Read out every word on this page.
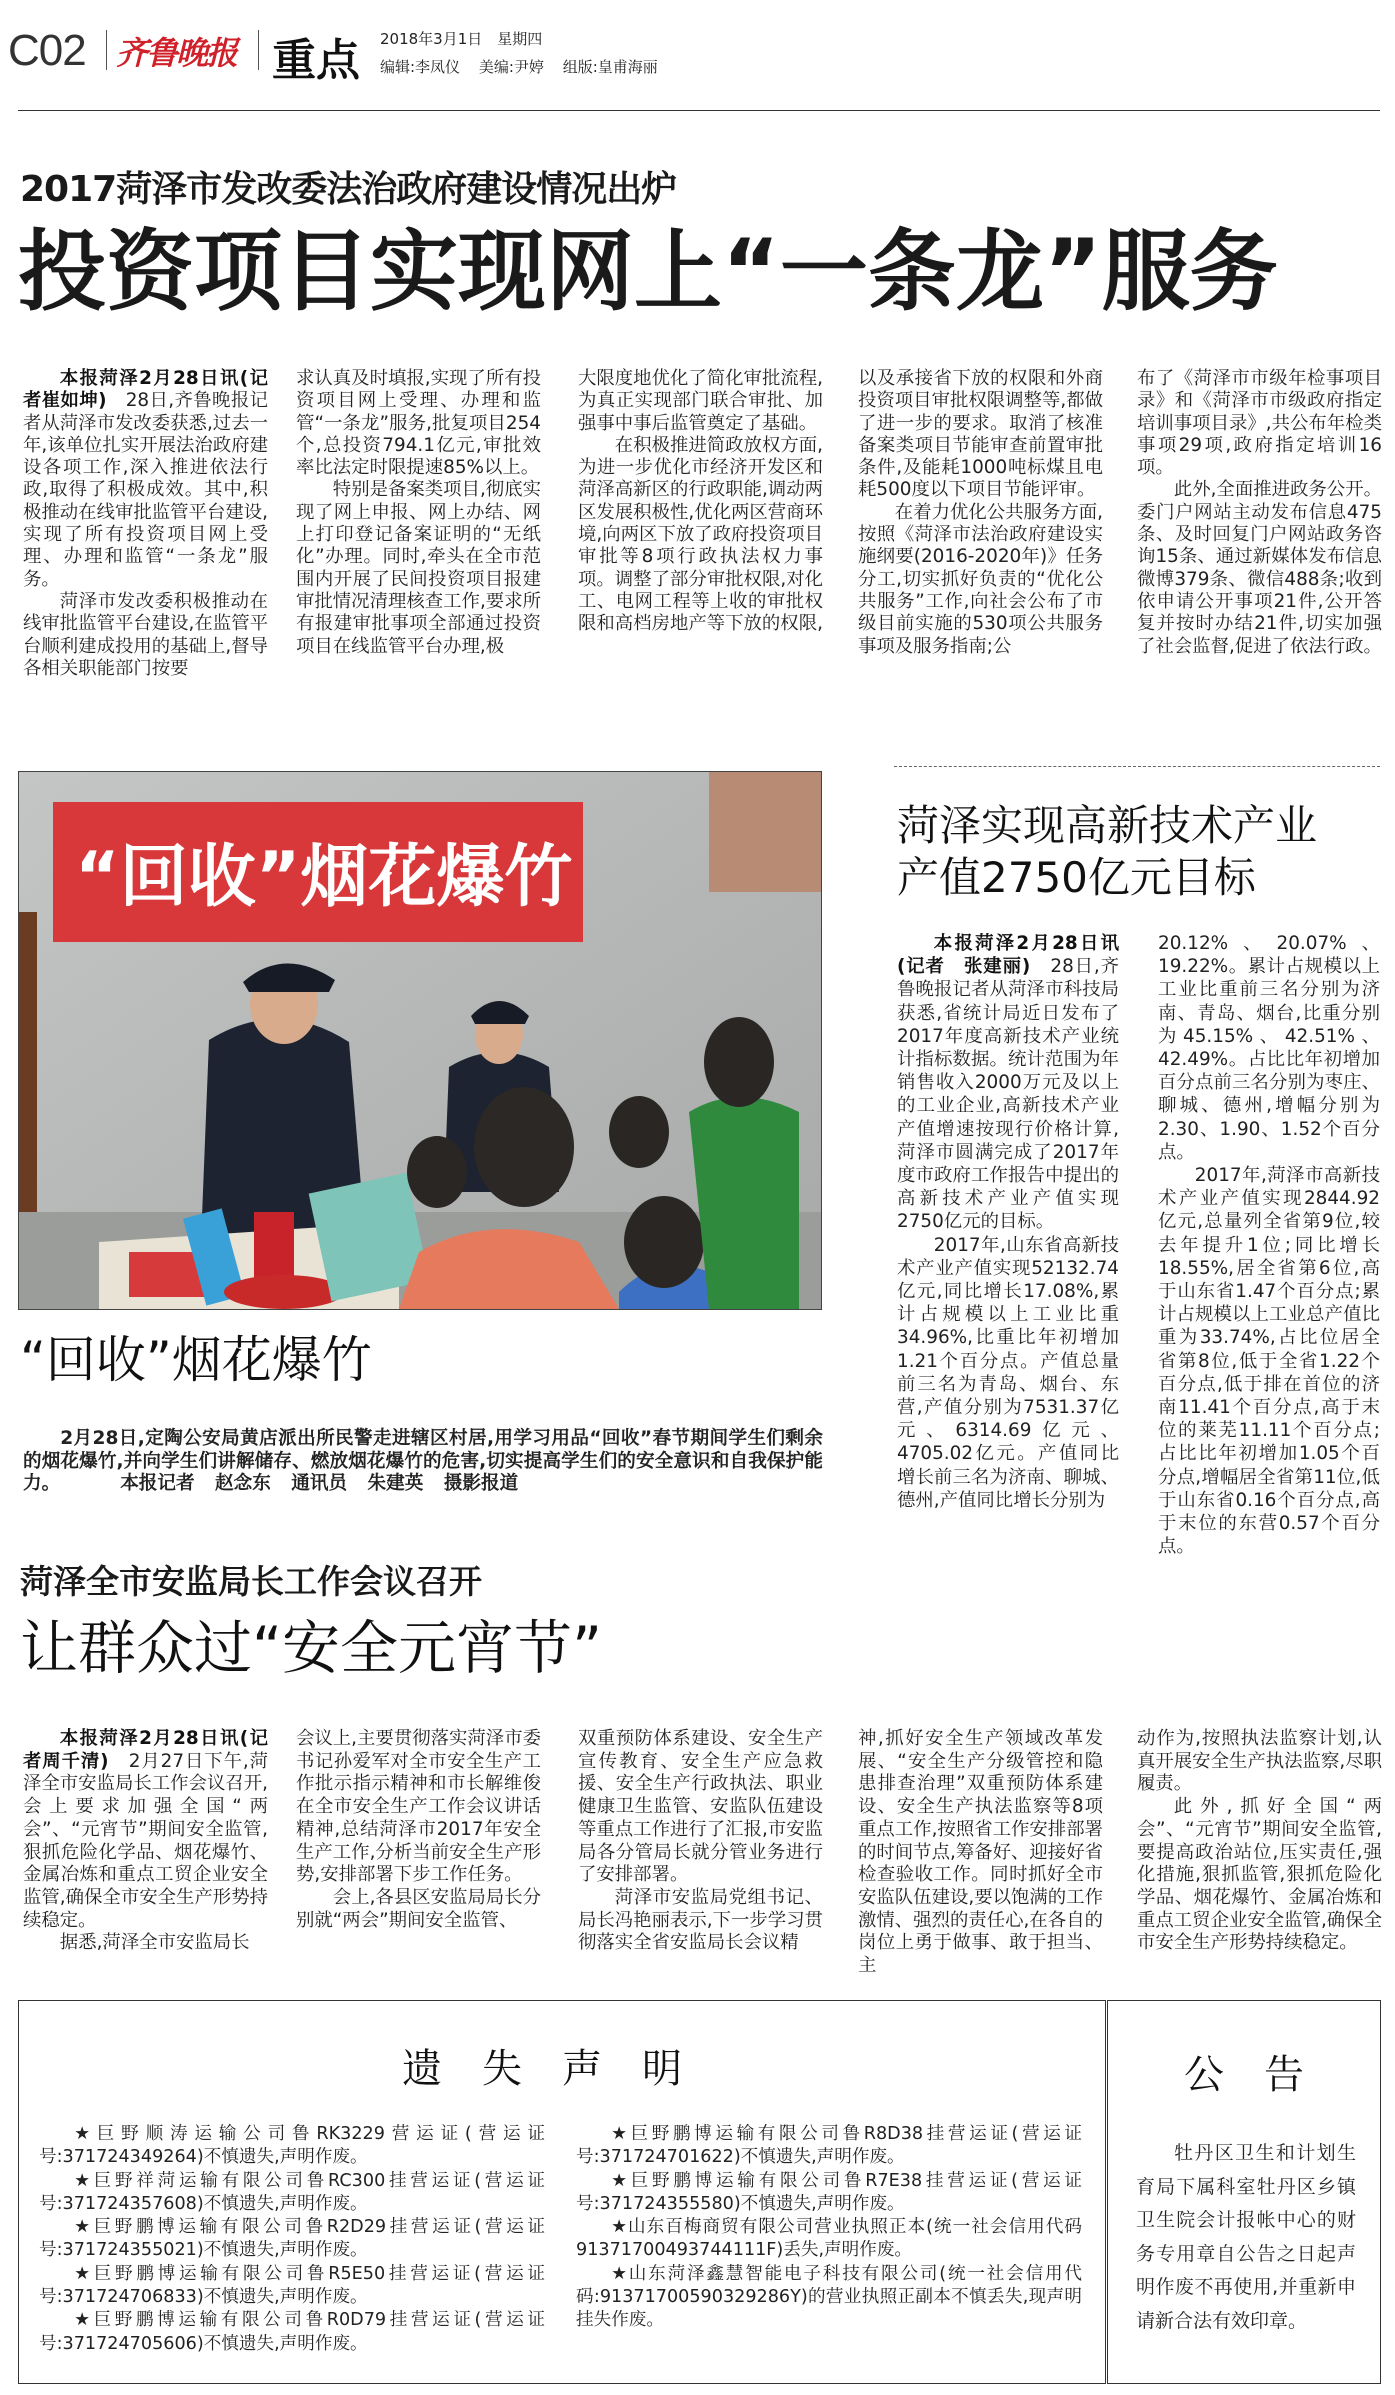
C02 齐鲁晚报 重点 2018年3月1日　星期四
编辑:李凤仪 美编:尹婷 组版:皇甫海丽
2017菏泽市发改委法治政府建设情况出炉
投资项目实现网上“一条龙”服务

本报菏泽2月28日讯(记者崔如坤)　28日,齐鲁晚报记者从菏泽市发改委获悉,过去一年,该单位扎实开展法治政府建设各项工作,深入推进依法行政,取得了积极成效。其中,积极推动在线审批监管平台建设,实现了所有投资项目网上受理、办理和监管“一条龙”服务。

菏泽市发改委积极推动在线审批监管平台建设,在监管平台顺利建成投用的基础上,督导各相关职能部门按要

求认真及时填报,实现了所有投资项目网上受理、办理和监管“一条龙”服务,批复项目254个,总投资794.1亿元,审批效率比法定时限提速85%以上。

特别是备案类项目,彻底实现了网上申报、网上办结、网上打印登记备案证明的“无纸化”办理。同时,牵头在全市范围内开展了民间投资项目报建审批情况清理核查工作,要求所有报建审批事项全部通过投资项目在线监管平台办理,极

大限度地优化了简化审批流程,为真正实现部门联合审批、加强事中事后监管奠定了基础。

在积极推进简政放权方面,为进一步优化市经济开发区和菏泽高新区的行政职能,调动两区发展积极性,优化两区营商环境,向两区下放了政府投资项目审批等8项行政执法权力事项。调整了部分审批权限,对化工、电网工程等上收的审批权限和高档房地产等下放的权限,

以及承接省下放的权限和外商投资项目审批权限调整等,都做了进一步的要求。取消了核准备案类项目节能审查前置审批条件,及能耗1000吨标煤且电耗500度以下项目节能评审。

在着力优化公共服务方面,按照《菏泽市法治政府建设实施纲要(2016-2020年)》任务分工,切实抓好负责的“优化公共服务”工作,向社会公布了市级目前实施的530项公共服务事项及服务指南;公

布了《菏泽市市级年检事项目录》和《菏泽市市级政府指定培训事项目录》,共公布年检类事项29项,政府指定培训16项。

此外,全面推进政务公开。委门户网站主动发布信息475条、及时回复门户网站政务咨询15条、通过新媒体发布信息微博379条、微信488条;收到依申请公开事项21件,公开答复并按时办结21件,切实加强了社会监督,促进了依法行政。

“回收”烟花爆竹
菏泽实现高新技术产业
产值2750亿元目标

本报菏泽2月28日讯(记者　张建丽)　28日,齐鲁晚报记者从菏泽市科技局获悉,省统计局近日发布了2017年度高新技术产业统计指标数据。统计范围为年销售收入2000万元及以上的工业企业,高新技术产业产值增速按现行价格计算,菏泽市圆满完成了2017年度市政府工作报告中提出的高新技术产业产值实现2750亿元的目标。

2017年,山东省高新技术产业产值实现52132.74亿元,同比增长17.08%,累计占规模以上工业比重34.96%,比重比年初增加1.21个百分点。产值总量前三名为青岛、烟台、东营,产值分别为7531.37亿元、6314.69亿元、4705.02亿元。产值同比增长前三名为济南、聊城、德州,产值同比增长分别为

20.12%、20.07%、19.22%。累计占规模以上工业比重前三名分别为济南、青岛、烟台,比重分别为45.15%、42.51%、42.49%。占比比年初增加百分点前三名分别为枣庄、聊城、德州,增幅分别为2.30、1.90、1.52个百分点。

2017年,菏泽市高新技术产业产值实现2844.92亿元,总量列全省第9位,较去年提升1位;同比增长18.55%,居全省第6位,高于山东省1.47个百分点;累计占规模以上工业总产值比重为33.74%,占比位居全省第8位,低于全省1.22个百分点,低于排在首位的济南11.41个百分点,高于末位的莱芜11.11个百分点;占比比年初增加1.05个百分点,增幅居全省第11位,低于山东省0.16个百分点,高于末位的东营0.57个百分点。

“回收”烟花爆竹
2月28日,定陶公安局黄店派出所民警走进辖区村居,用学习用品“回收”春节期间学生们剩余的烟花爆竹,并向学生们讲解储存、燃放烟花爆竹的危害,切实提高学生们的安全意识和自我保护能力。	本报记者 赵念东 通讯员 朱建英 摄影报道
菏泽全市安监局长工作会议召开
让群众过“安全元宵节”

本报菏泽2月28日讯(记者周千清)　2月27日下午,菏泽全市安监局长工作会议召开,会上要求加强全国“两会”、“元宵节”期间安全监管,狠抓危险化学品、烟花爆竹、金属冶炼和重点工贸企业安全监管,确保全市安全生产形势持续稳定。

据悉,菏泽全市安监局长

会议上,主要贯彻落实菏泽市委书记孙爱军对全市安全生产工作批示指示精神和市长解维俊在全市安全生产工作会议讲话精神,总结菏泽市2017年安全生产工作,分析当前安全生产形势,安排部署下步工作任务。

会上,各县区安监局局长分别就“两会”期间安全监管、

双重预防体系建设、安全生产宣传教育、安全生产应急救援、安全生产行政执法、职业健康卫生监管、安监队伍建设等重点工作进行了汇报,市安监局各分管局长就分管业务进行了安排部署。

菏泽市安监局党组书记、局长冯艳丽表示,下一步学习贯彻落实全省安监局长会议精

神,抓好安全生产领域改革发展、“安全生产分级管控和隐患排查治理”双重预防体系建设、安全生产执法监察等8项重点工作,按照省工作安排部署的时间节点,筹备好、迎接好省检查验收工作。同时抓好全市安监队伍建设,要以饱满的工作激情、强烈的责任心,在各自的岗位上勇于做事、敢于担当、主

动作为,按照执法监察计划,认真开展安全生产执法监察,尽职履责。

此外,抓好全国“两会”、“元宵节”期间安全监管,要提高政治站位,压实责任,强化措施,狠抓监管,狠抓危险化学品、烟花爆竹、金属冶炼和重点工贸企业安全监管,确保全市安全生产形势持续稳定。

遗失声明

★巨野顺涛运输公司鲁RK3229营运证(营运证号:371724349264)不慎遗失,声明作废。

★巨野祥菏运输有限公司鲁RC300挂营运证(营运证号:371724357608)不慎遗失,声明作废。

★巨野鹏博运输有限公司鲁R2D29挂营运证(营运证号:371724355021)不慎遗失,声明作废。

★巨野鹏博运输有限公司鲁R5E50挂营运证(营运证号:371724706833)不慎遗失,声明作废。

★巨野鹏博运输有限公司鲁R0D79挂营运证(营运证号:371724705606)不慎遗失,声明作废。

★巨野鹏博运输有限公司鲁R8D38挂营运证(营运证号:371724701622)不慎遗失,声明作废。

★巨野鹏博运输有限公司鲁R7E38挂营运证(营运证号:371724355580)不慎遗失,声明作废。

★山东百梅商贸有限公司营业执照正本(统一社会信用代码91371700493744111F)丢失,声明作废。

★山东菏泽鑫慧智能电子科技有限公司(统一社会信用代码:91371700590329286Y)的营业执照正副本不慎丢失,现声明挂失作废。

公告
牡丹区卫生和计划生育局下属科室牡丹区乡镇卫生院会计报帐中心的财务专用章自公告之日起声明作废不再使用,并重新申请新合法有效印章。
